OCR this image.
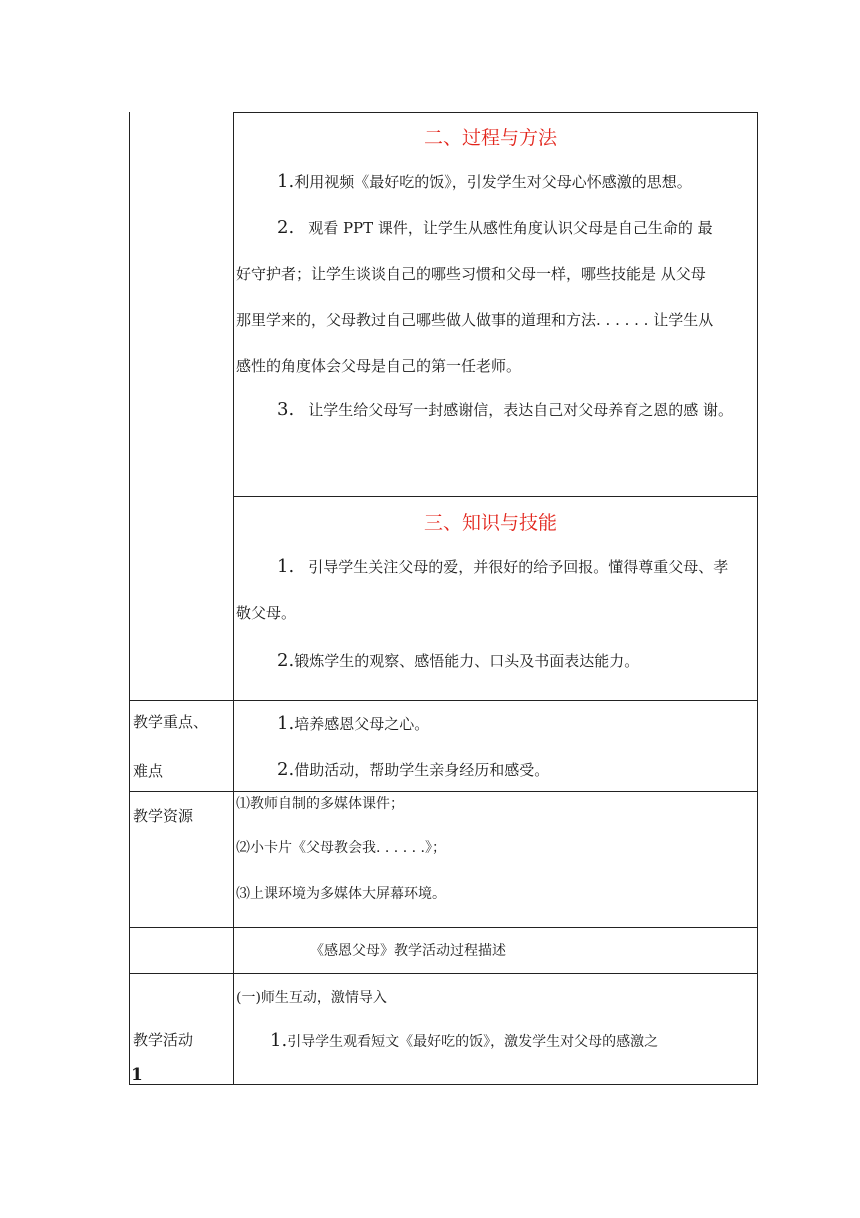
二、过程与方法
1.利用视频《最好吃的饭》，引发学生对父母心怀感激的思想。
2. 观看 PPT 课件，让学生从感性角度认识父母是自己生命的 最
好守护者；让学生谈谈自己的哪些习惯和父母一样，哪些技能是 从父母
那里学来的，父母教过自己哪些做人做事的道理和方法. . . . . . 让学生从
感性的角度体会父母是自己的第一任老师。
3. 让学生给父母写一封感谢信，表达自己对父母养育之恩的感 谢。
三、知识与技能
1. 引导学生关注父母的爱，并很好的给予回报。懂得尊重父母、孝
敬父母。
2.锻炼学生的观察、感悟能力、口头及书面表达能力。
教学重点、
难点
1.培养感恩父母之心。
2.借助活动，帮助学生亲身经历和感受。
教学资源
⑴教师自制的多媒体课件；
⑵小卡片《父母教会我. . . . . .》；
⑶上课环境为多媒体大屏幕环境。
《感恩父母》教学活动过程描述
教学活动
1
(一)师生互动，激情导入
1.引导学生观看短文《最好吃的饭》，激发学生对父母的感激之
